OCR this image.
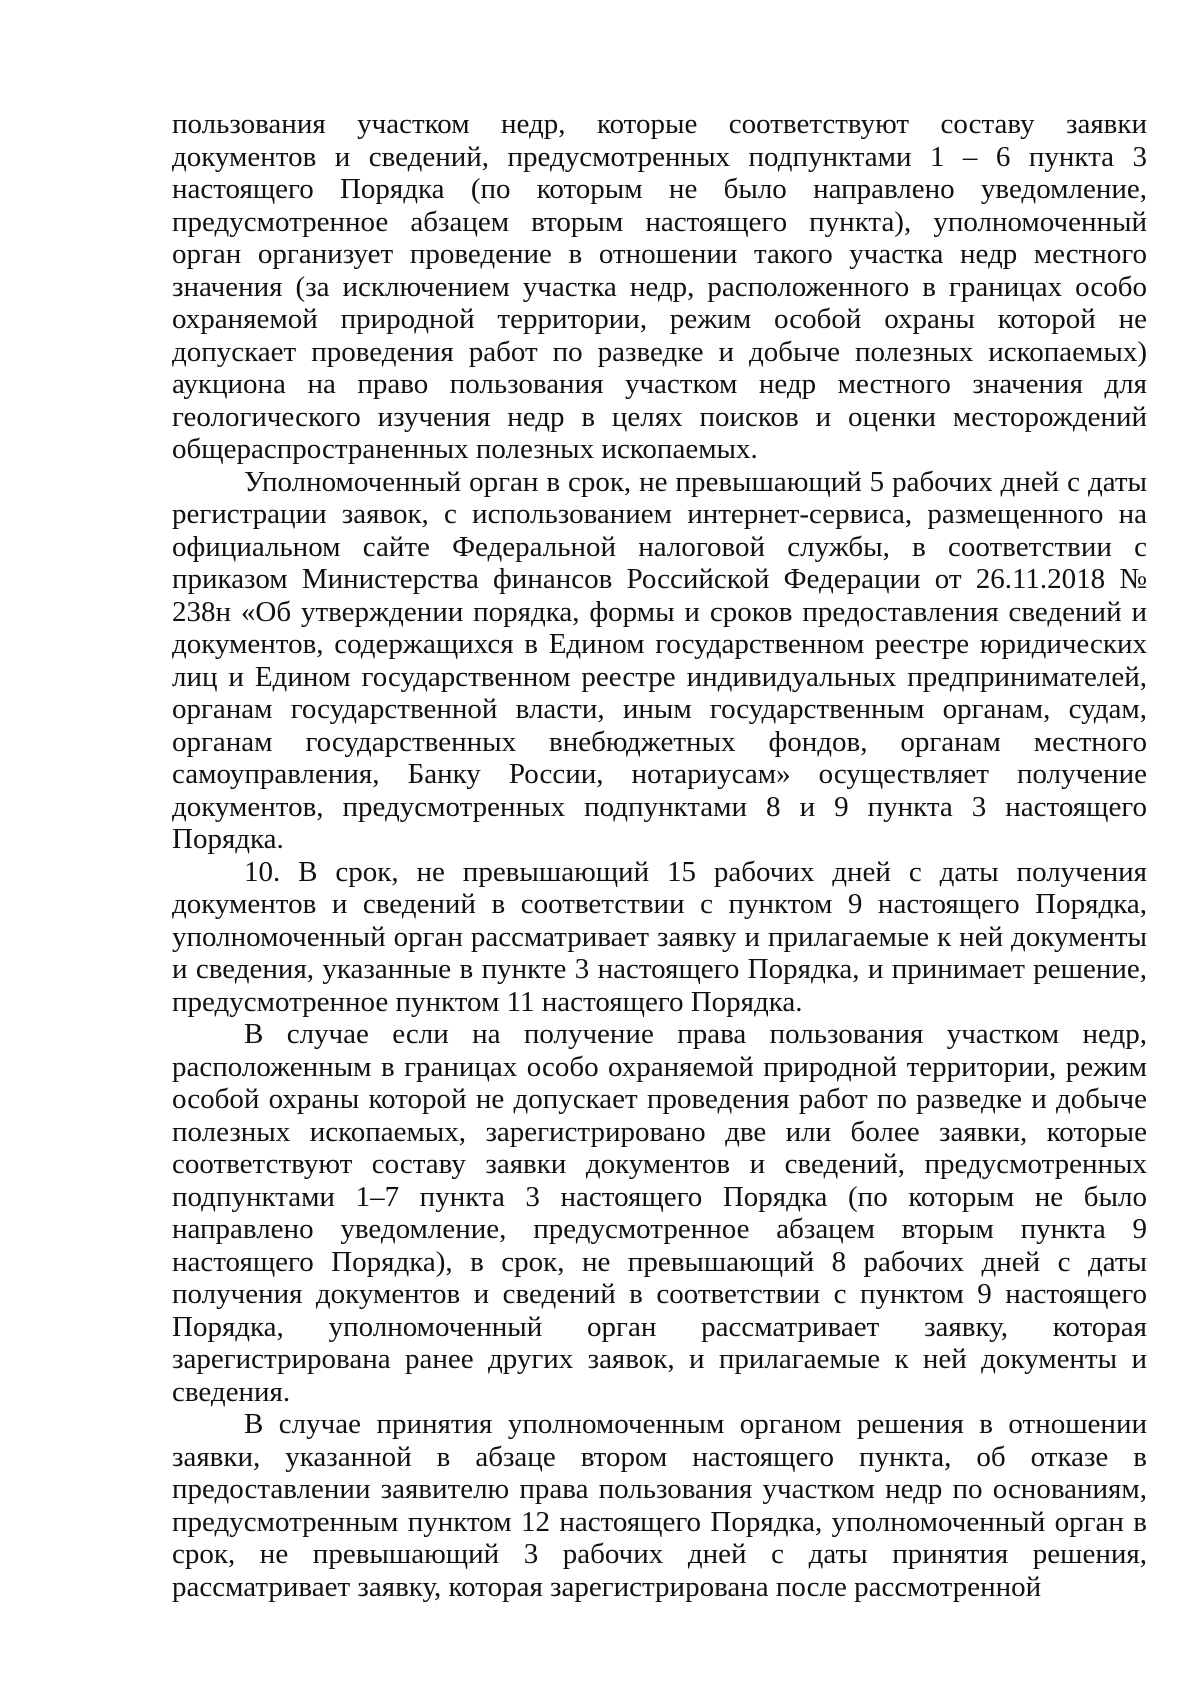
пользования участком недр, которые соответствуют составу заявки документов и сведений, предусмотренных подпунктами 1 – 6 пункта 3 настоящего Порядка (по которым не было направлено уведомление, предусмотренное абзацем вторым настоящего пункта), уполномоченный орган организует проведение в отношении такого участка недр местного значения (за исключением участка недр, расположенного в границах особо охраняемой природной территории, режим особой охраны которой не допускает проведения работ по разведке и добыче полезных ископаемых) аукциона на право пользования участком недр местного значения для геологического изучения недр в целях поисков и оценки месторождений общераспространенных полезных ископаемых.

Уполномоченный орган в срок, не превышающий 5 рабочих дней с даты регистрации заявок, с использованием интернет-сервиса, размещенного на официальном сайте Федеральной налоговой службы, в соответствии с приказом Министерства финансов Российской Федерации от 26.11.2018 № 238н «Об утверждении порядка, формы и сроков предоставления сведений и документов, содержащихся в Едином государственном реестре юридических лиц и Едином государственном реестре индивидуальных предпринимателей, органам государственной власти, иным государственным органам, судам, органам государственных внебюджетных фондов, органам местного самоуправления, Банку России, нотариусам» осуществляет получение документов, предусмотренных подпунктами 8 и 9 пункта 3 настоящего Порядка.

10. В срок, не превышающий 15 рабочих дней с даты получения документов и сведений в соответствии с пунктом 9 настоящего Порядка, уполномоченный орган рассматривает заявку и прилагаемые к ней документы и сведения, указанные в пункте 3 настоящего Порядка, и принимает решение, предусмотренное пунктом 11 настоящего Порядка.

В случае если на получение права пользования участком недр, расположенным в границах особо охраняемой природной территории, режим особой охраны которой не допускает проведения работ по разведке и добыче полезных ископаемых, зарегистрировано две или более заявки, которые соответствуют составу заявки документов и сведений, предусмотренных подпунктами 1–7 пункта 3 настоящего Порядка (по которым не было направлено уведомление, предусмотренное абзацем вторым пункта 9 настоящего Порядка), в срок, не превышающий 8 рабочих дней с даты получения документов и сведений в соответствии с пунктом 9 настоящего Порядка, уполномоченный орган рассматривает заявку, которая зарегистрирована ранее других заявок, и прилагаемые к ней документы и сведения.

В случае принятия уполномоченным органом решения в отношении заявки, указанной в абзаце втором настоящего пункта, об отказе в предоставлении заявителю права пользования участком недр по основаниям, предусмотренным пунктом 12 настоящего Порядка, уполномоченный орган в срок, не превышающий 3 рабочих дней с даты принятия решения, рассматривает заявку, которая зарегистрирована после рассмотренной
